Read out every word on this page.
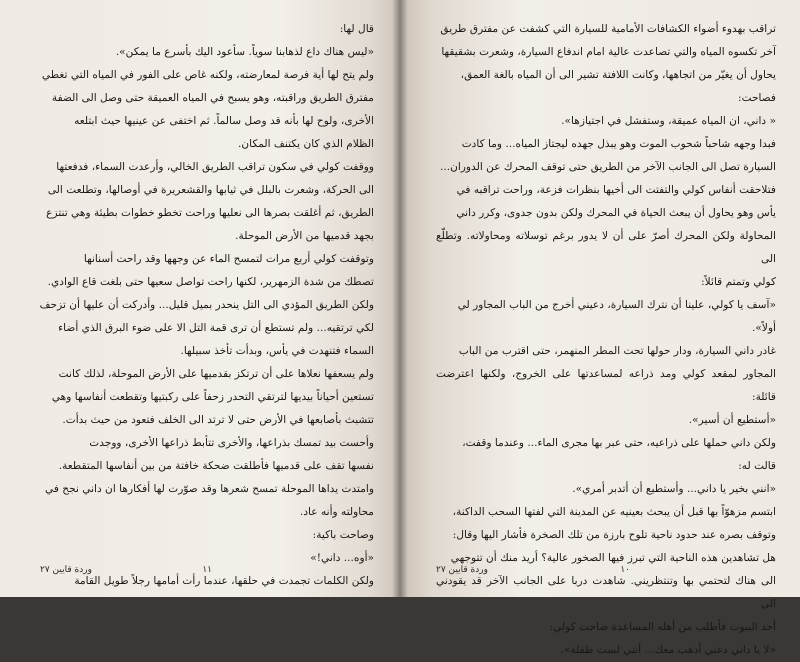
قال لها:

«ليس هناك داع لذهابنا سوياً. سأعود اليك بأسرع ما يمكن».

ولم يتح لها أية فرصة لمعارضته، ولكنه غاص على الفور في المياه التي تغطي

مفترق الطريق وراقبته، وهو يسبح في المياه العميقة حتى وصل الى الضفة

الأخرى، ولوح لها بأنه قد وصل سالماً. ثم اختفى عن عينيها حيث ابتلعه

الظلام الذي كان يكتنف المكان.

ووقفت كولي في سكون تراقب الطريق الخالي، وأرعدت السماء، فدفعتها

الى الحركة، وشعرت بالبلل في ثيابها والقشعريرة في أوصالها، وتطلعت الى

الطريق، ثم أغلقت بصرها الى نعليها وراحت تخطو خطوات بطيئة وهي تنتزع

بجهد قدميها من الأرض الموحلة.

وتوقفت كولي أربع مرات لتمسح الماء عن وجهها وقد راحت أسنانها

تصطك من شدة الزمهرير، لكنها راحت تواصل سعيها حتى بلغت قاع الوادي.

ولكن الطريق المؤدي الى التل ينحدر بميل قليل... وأدركت أن عليها أن تزحف

لكي ترتقيه... ولم تستطع أن ترى قمة التل الا على ضوء البرق الذي أضاء

السماء فتنهدت في يأس، وبدأت تأخذ سبيلها.

ولم يسعفها نعلاها على أن ترتكز بقدميها على الأرض الموحلة، لذلك كانت

تستعين أحياناً بيديها لترتقي التحدر زحفاً على ركبتيها وتقطعت أنفاسها وهي

تتشبث بأصابعها في الأرض حتى لا ترتد الى الخلف فتعود من حيث بدأت.

وأحست بيد تمسك بذراعها، والأخرى تتأبط ذراعها الأخرى، ووجدت

نفسها تقف على قدميها فأطلقت ضحكة خافتة من بين أنفاسها المتقطعة.

وامتدت يداها الموحلة تمسح شعرها وقد صوّرت لها أفكارها ان داني نجح في

محاولته وأنه عاد.

وصاحت باكية:

«أوه... داني!»

ولكن الكلمات تجمدت في حلقها، عندما رأت أمامها رجلاً طويل القامة

وردة قايين ٢٧	١١

تراقب بهدوء أضواء الكشافات الأمامية للسيارة التي كشفت عن مفترق طريق

آخر تكسوه المياه والتي تصاعدت عالية امام اندفاع السيارة، وشعرت بشقيقها

يحاول أن يغيّر من اتجاهها، وكانت اللافتة تشير الى أن المياه بالغة العمق،

فصاحت:

« داني، ان المياه عميقة، وستفشل في اجتيازها».

فبدا وجهه شاحباً شحوب الموت وهو يبذل جهده ليجتاز المياه... وما كادت

السيارة تصل الى الجانب الآخر من الطريق حتى توقف المحرك عن الدوران...

فتلاحقت أنفاس كولي والتفتت الى أخيها بنظرات فزعة، وراحت تراقبه في

يأس وهو يحاول أن يبعث الحياة في المحرك ولكن بدون جدوى، وكرر داني

المحاولة ولكن المحرك أصرّ على أن لا يدور برغم توسلاته ومحاولاته. وتطلّع الى

كولي وتمتم قائلاً:

«آسف يا كولي، علينا أن نترك السيارة، دعيني أخرج من الباب المجاور لي

أولاً».

غادر داني السيارة، ودار حولها تحت المطر المنهمر، حتى اقترب من الباب

المجاور لمقعد كولي ومد ذراعه لمساعدتها على الخروج، ولكنها اعترضت قائلة:

«أستطيع أن أسير».

ولكن داني حملها على ذراعيه، حتى عبر بها مجرى الماء... وعندما وقفت،

قالت له:

«انني بخير يا داني... وأستطيع أن أتدبر أمري».

ابتسم مزهوّاً بها قبل أن يبحث بعينيه عن المدينة التي لفتها السحب الداكنة،

وتوقف بصره عند حدود ناحية تلوح بارزة من تلك الصخرة فأشار اليها وقال:

هل تشاهدين هذه الناحية التي تبرز فيها الصخور عالية؟ أريد منك أن تتوجهي

الى هناك لتحتمي بها وتنتظريني. شاهدت دربا على الجانب الآخر قد يقودني الى

أحد البيوت فأطلب من أهله المساعدة صاحت كولي:

«لا يا داني دعني أذهب معك... أنني لست طفلة».

١٠
وردة قايين ٢٧
